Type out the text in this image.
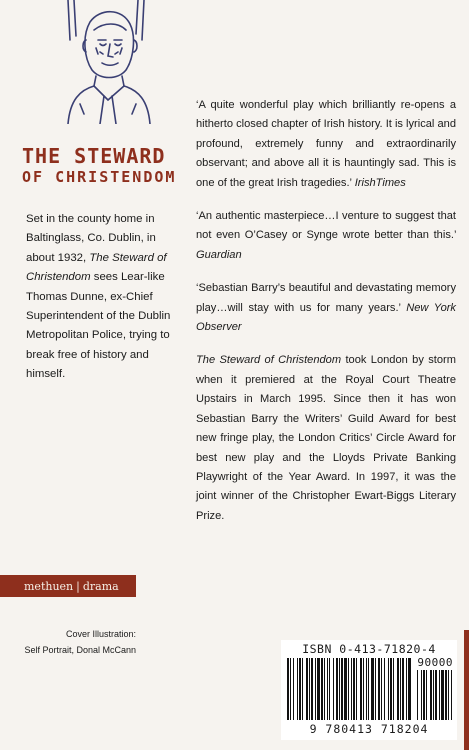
THE STEWARD
OF CHRISTENDOM

Set in the county home in Baltinglass, Co. Dublin, in about 1932, The Steward of Christendom sees Lear-like Thomas Dunne, ex-Chief Superintendent of the Dublin Metropolitan Police, trying to break free of history and himself.

‘A quite wonderful play which brilliantly re-opens a hitherto closed chapter of Irish history. It is lyrical and profound, extremely funny and extraordinarily observant; and above all it is hauntingly sad. This is one of the great Irish tragedies.’ IrishTimes

‘An authentic masterpiece…I venture to suggest that not even O’Casey or Synge wrote better than this.’ Guardian

‘Sebastian Barry’s beautiful and devastating memory play…will stay with us for many years.’ New York Observer

The Steward of Christendom took London by storm when it premiered at the Royal Court Theatre Upstairs in March 1995. Since then it has won Sebastian Barry the Writers’ Guild Award for best new fringe play, the London Critics’ Circle Award for best new play and the Lloyds Private Banking Playwright of the Year Award. In 1997, it was the joint winner of the Christopher Ewart-Biggs Literary Prize.

methuen | drama
Cover Illustration:
Self Portrait, Donal McCann	ISBN 0-413-71820-4
90000
9 780413 718204
